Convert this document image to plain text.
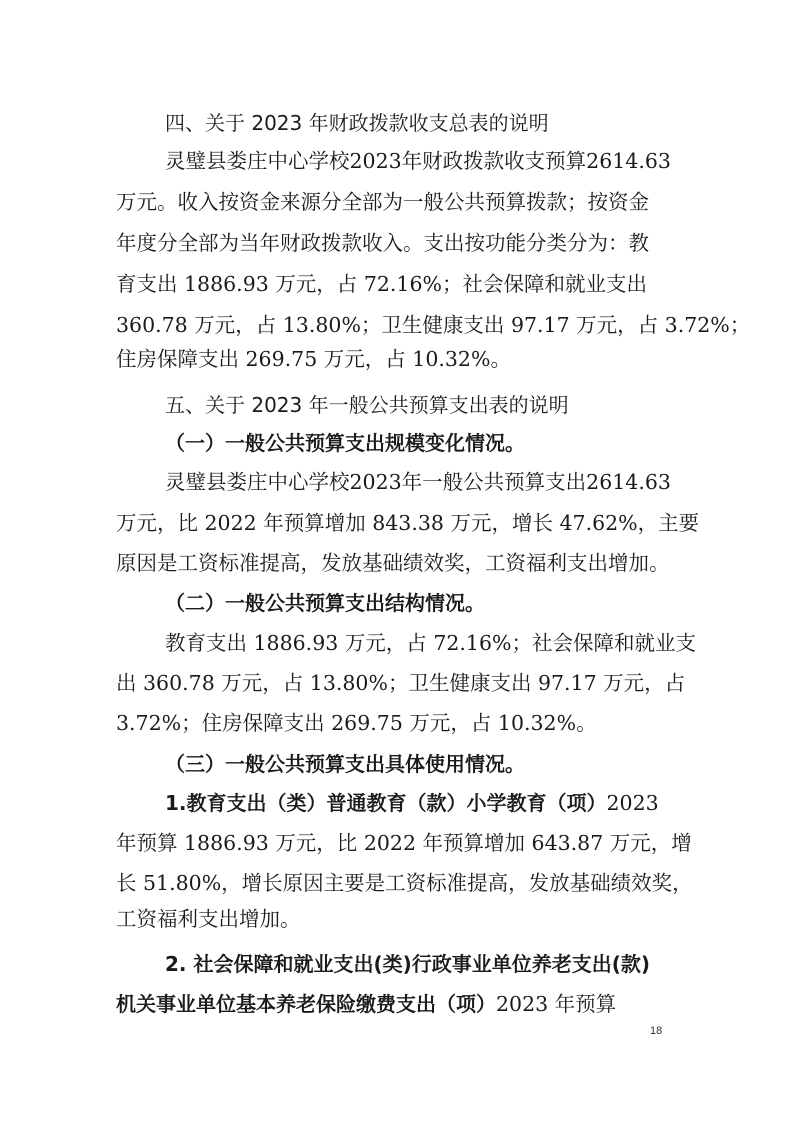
四、关于 2023 年财政拨款收支总表的说明
灵璧县娄庄中心学校2023年财政拨款收支预算2614.63
万元。收入按资金来源分全部为一般公共预算拨款；按资金
年度分全部为当年财政拨款收入。支出按功能分类分为：教
育支出 1886.93 万元，占 72.16%；社会保障和就业支出
360.78 万元，占 13.80%；卫生健康支出 97.17 万元，占 3.72%；
住房保障支出 269.75 万元，占 10.32%。
五、关于 2023 年一般公共预算支出表的说明
（一）一般公共预算支出规模变化情况。
灵璧县娄庄中心学校2023年一般公共预算支出2614.63
万元，比 2022 年预算增加 843.38 万元，增长 47.62%，主要
原因是工资标准提高，发放基础绩效奖，工资福利支出增加。
（二）一般公共预算支出结构情况。
教育支出 1886.93 万元，占 72.16%；社会保障和就业支
出 360.78 万元，占 13.80%；卫生健康支出 97.17 万元，占
3.72%；住房保障支出 269.75 万元，占 10.32%。
（三）一般公共预算支出具体使用情况。
1.教育支出（类）普通教育（款）小学教育（项）2023
年预算 1886.93 万元，比 2022 年预算增加 643.87 万元，增
长 51.80%，增长原因主要是工资标准提高，发放基础绩效奖，
工资福利支出增加。
2. 社会保障和就业支出(类)行政事业单位养老支出(款)
机关事业单位基本养老保险缴费支出（项）2023 年预算
18
